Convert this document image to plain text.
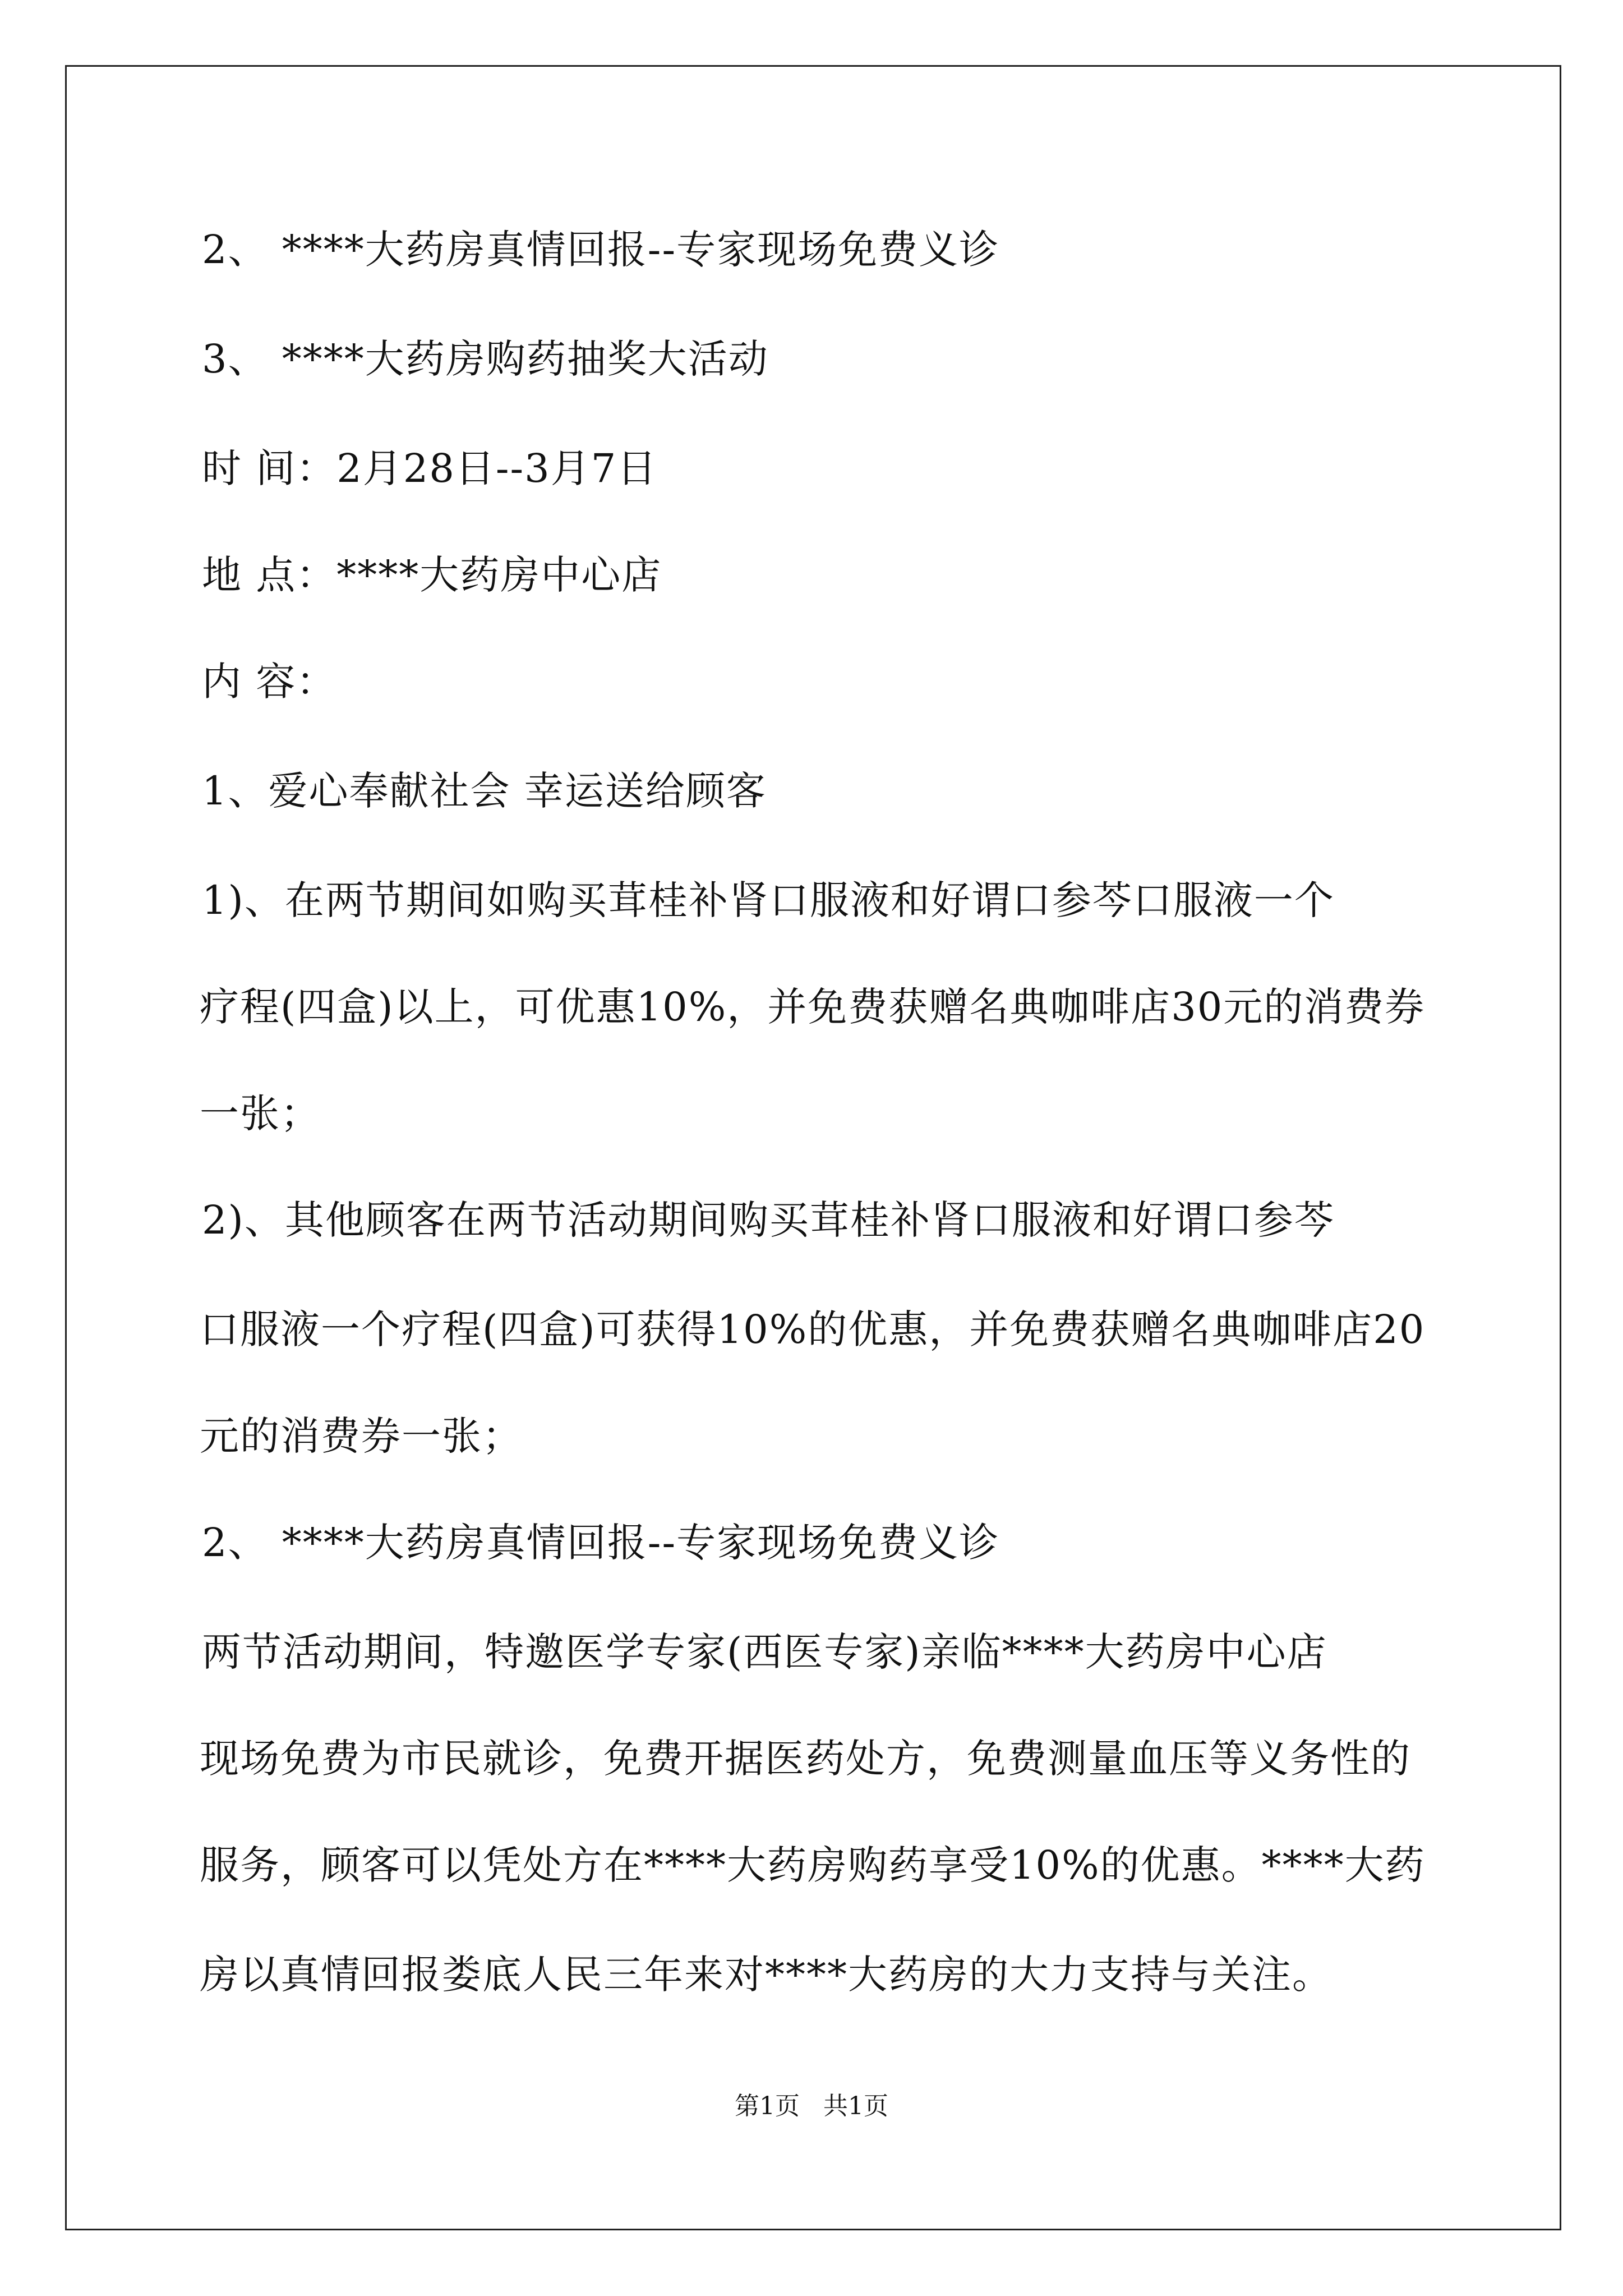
2、 ****大药房真情回报--专家现场免费义诊
3、 ****大药房购药抽奖大活动
时 间：2月28日--3月7日
地 点：****大药房中心店
内 容：
1、爱心奉献社会 幸运送给顾客
1)、在两节期间如购买茸桂补肾口服液和好谓口参芩口服液一个
疗程(四盒)以上，可优惠10%，并免费获赠名典咖啡店30元的消费券
一张；
2)、其他顾客在两节活动期间购买茸桂补肾口服液和好谓口参芩
口服液一个疗程(四盒)可获得10%的优惠，并免费获赠名典咖啡店20
元的消费券一张；
2、 ****大药房真情回报--专家现场免费义诊
两节活动期间，特邀医学专家(西医专家)亲临****大药房中心店
现场免费为市民就诊，免费开据医药处方，免费测量血压等义务性的
服务，顾客可以凭处方在****大药房购药享受10%的优惠。****大药
房以真情回报娄底人民三年来对****大药房的大力支持与关注。
第1页   共1页
